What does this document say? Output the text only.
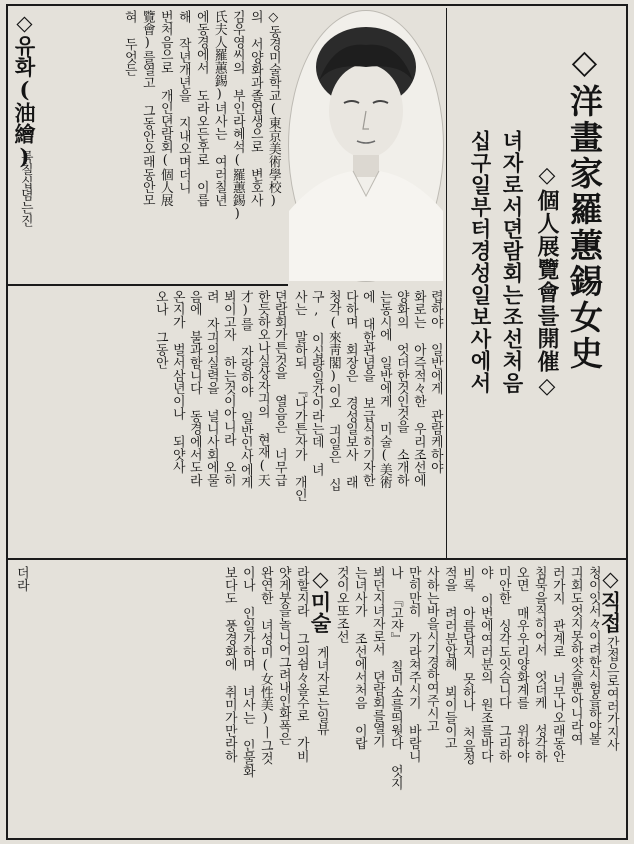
◇洋畫家羅蕙錫女史
◇個人展覽會를開催◇
녀자로서뎐람회는조선처음
십구일부터경성일보사에서
렵하야 일반에게 관람케하야
화로는 아즉적々한 우리조선에
양화의 엇더한것인것을 소개하
는동시에 일반에게 미술(美術
에 대한관념을 보급식히기자한
다하며 회장은 경성일보사 래
청각(來靑閣)이오 긔일은 십
구, 이십량일간이라는데 녀
사는 말하되 『나가튼자가 개인
뎐람회가튼것을 열음은 너무급
한듯하오나실상자긔의 현재(天
才)를 자랑하야 일반인사에게
뵈이고자 하는것이아니라 오히
려 자긔의실력을 널니사회에물
음에 불과함니다 동경에서도라
온지가 벌서삼년이나 되얏사
오나 그동안
◇동경미술학교(東京美術學校)
의 서양화과졸업생으로 변호사
김우영씨의 부인라혜석(羅蕙錫)
氏夫人羅蕙錫)녀사는 여러칠년
에동경에서 도라오든후로 이릅
해 작년개년을 지내오며더니
번처음으로 개인뎐람회(個人展
覽會)를열고 그동안오래동안모
혀 두엇든
◇유화(油繪)
륙칠십뎜는진
◇직접
간접으로여러가지사
청이잇서々이려한시험을하야볼
긔회도엇지못하얏슬뿐아니라여
러가지 관계로 너무나오래동안
침묵을직히어서 엇더케 성각하
오면 매우우리양화계를 위하야
미안한 싱각도잇슴니다 그리하
야 이번에여러분의 원조를바다
비록 아름답지 못하나 처음정
적을 려러분압헤 뵈이들이고
사하는바을시기경하여주시고
만히만히 가라쳐주시기 바람니
나 『고쟈』 칠미소를띄웟다 엇지
뵈던지녀자로서 뎐람회를열기
는녀사가 조선에서처음 이랍
것이오또조선
◇미술
게녀자로는일뷰
라할지라 그의쉼々올수로 가비
얏게붓을놀니어그려내인화폭은
완연한 녀성미(女性美)ㅣ그것
이나 인일가하며 녀사는 인물화
보다도 풍경화에 취미가만라하
더라
